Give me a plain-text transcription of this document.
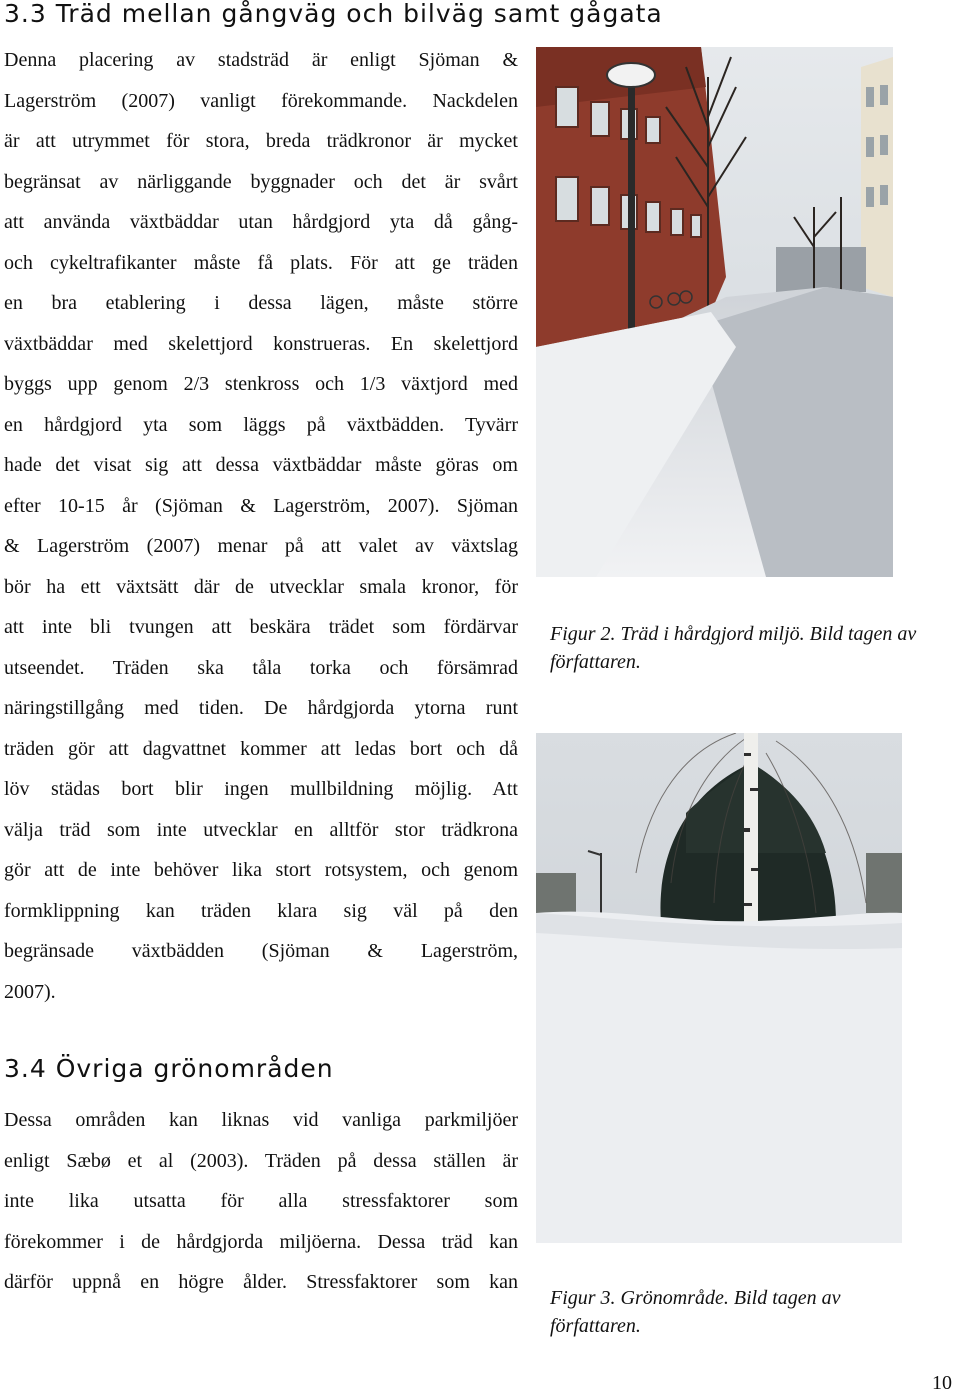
3.3 Träd mellan gångväg och bilväg samt gågata
Denna placering av stadsträd är enligt Sjöman &
Lagerström (2007) vanligt förekommande. Nackdelen
är att utrymmet för stora, breda trädkronor är mycket
begränsat av närliggande byggnader och det är svårt
att använda växtbäddar utan hårdgjord yta då gång-
och cykeltrafikanter måste få plats. För att ge träden
en bra etablering i dessa lägen, måste större
växtbäddar med skelettjord konstrueras. En skelettjord
byggs upp genom 2/3 stenkross och 1/3 växtjord med
en hårdgjord yta som läggs på växtbädden. Tyvärr
hade det visat sig att dessa växtbäddar måste göras om
efter 10-15 år (Sjöman & Lagerström, 2007). Sjöman
& Lagerström (2007) menar på att valet av växtslag
bör ha ett växtsätt där de utvecklar smala kronor, för
att inte bli tvungen att beskära trädet som fördärvar
utseendet. Träden ska tåla torka och försämrad
näringstillgång med tiden. De hårdgjorda ytorna runt
träden gör att dagvattnet kommer att ledas bort och då
löv städas bort blir ingen mullbildning möjlig. Att
välja träd som inte utvecklar en alltför stor trädkrona
gör att de inte behöver lika stort rotsystem, och genom
formklippning kan träden klara sig väl på den
begränsade växtbädden (Sjöman & Lagerström,
2007).
3.4 Övriga grönområden
Dessa områden kan liknas vid vanliga parkmiljöer
enligt Sæbø et al (2003). Träden på dessa ställen är
inte lika utsatta för alla stressfaktorer som
förekommer i de hårdgjorda miljöerna. Dessa träd kan
därför uppnå en högre ålder. Stressfaktorer som kan

Figur 2. Träd i hårdgjord miljö. Bild tagen av författaren.

Figur 3. Grönområde. Bild tagen av författaren.

10
